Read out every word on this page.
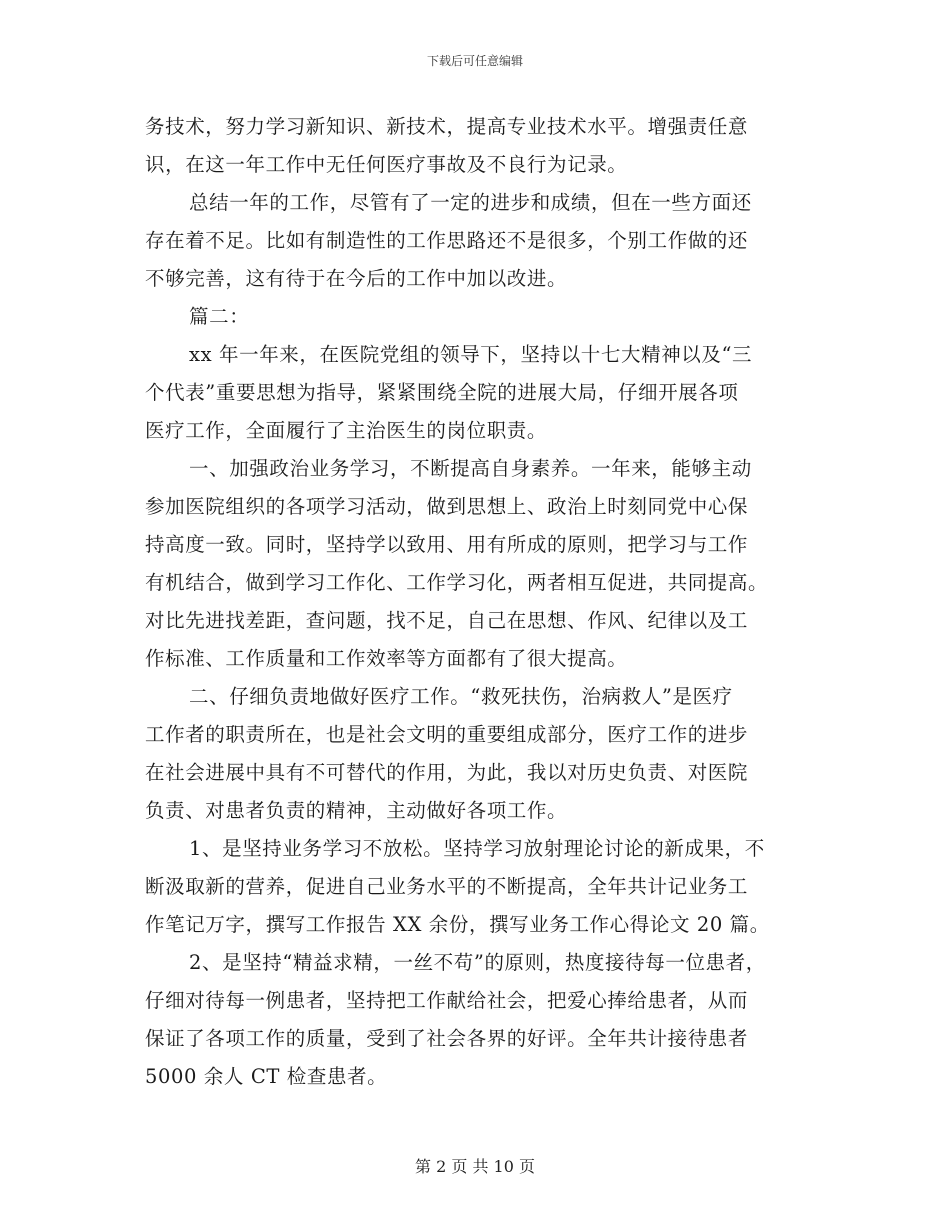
下载后可任意编辑
务技术，努力学习新知识、新技术，提高专业技术水平。增强责任意
识，在这一年工作中无任何医疗事故及不良行为记录。
总结一年的工作，尽管有了一定的进步和成绩，但在一些方面还
存在着不足。比如有制造性的工作思路还不是很多，个别工作做的还
不够完善，这有待于在今后的工作中加以改进。
篇二：
xx 年一年来，在医院党组的领导下，坚持以十七大精神以及“三
个代表”重要思想为指导，紧紧围绕全院的进展大局，仔细开展各项
医疗工作，全面履行了主治医生的岗位职责。
一、加强政治业务学习，不断提高自身素养。一年来，能够主动
参加医院组织的各项学习活动，做到思想上、政治上时刻同党中心保
持高度一致。同时，坚持学以致用、用有所成的原则，把学习与工作
有机结合，做到学习工作化、工作学习化，两者相互促进，共同提高。
对比先进找差距，查问题，找不足，自己在思想、作风、纪律以及工
作标准、工作质量和工作效率等方面都有了很大提高。
二、仔细负责地做好医疗工作。“救死扶伤，治病救人”是医疗
工作者的职责所在，也是社会文明的重要组成部分，医疗工作的进步
在社会进展中具有不可替代的作用，为此，我以对历史负责、对医院
负责、对患者负责的精神，主动做好各项工作。
1、是坚持业务学习不放松。坚持学习放射理论讨论的新成果，不
断汲取新的营养，促进自己业务水平的不断提高，全年共计记业务工
作笔记万字，撰写工作报告 XX 余份，撰写业务工作心得论文 20 篇。
2、是坚持“精益求精，一丝不苟”的原则，热度接待每一位患者，
仔细对待每一例患者，坚持把工作献给社会，把爱心捧给患者，从而
保证了各项工作的质量，受到了社会各界的好评。全年共计接待患者
5000 余人 CT 检查患者。
第 2 页 共 10 页
